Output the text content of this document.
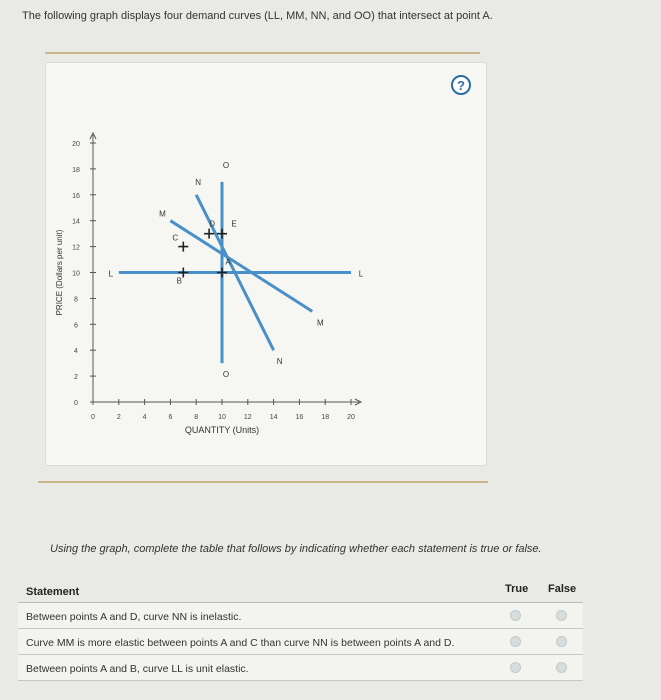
The following graph displays four demand curves (LL, MM, NN, and OO) that intersect at point A.
?
0
2
4
6
8
10
12
14
16
18
20
0	2	4	6	8	10	12	14	16	18	20
QUANTITY (Units)
PRICE (Dollars per unit)	L	L
M
M
N
N
O
O
A
B
C
D E
Using the graph, complete the table that follows by indicating whether each statement is true or false.
Statement	True False
Between points A and D, curve NN is inelastic.
Curve MM is more elastic between points A and C than curve NN is between points A and D.
Between points A and B, curve LL is unit elastic.
